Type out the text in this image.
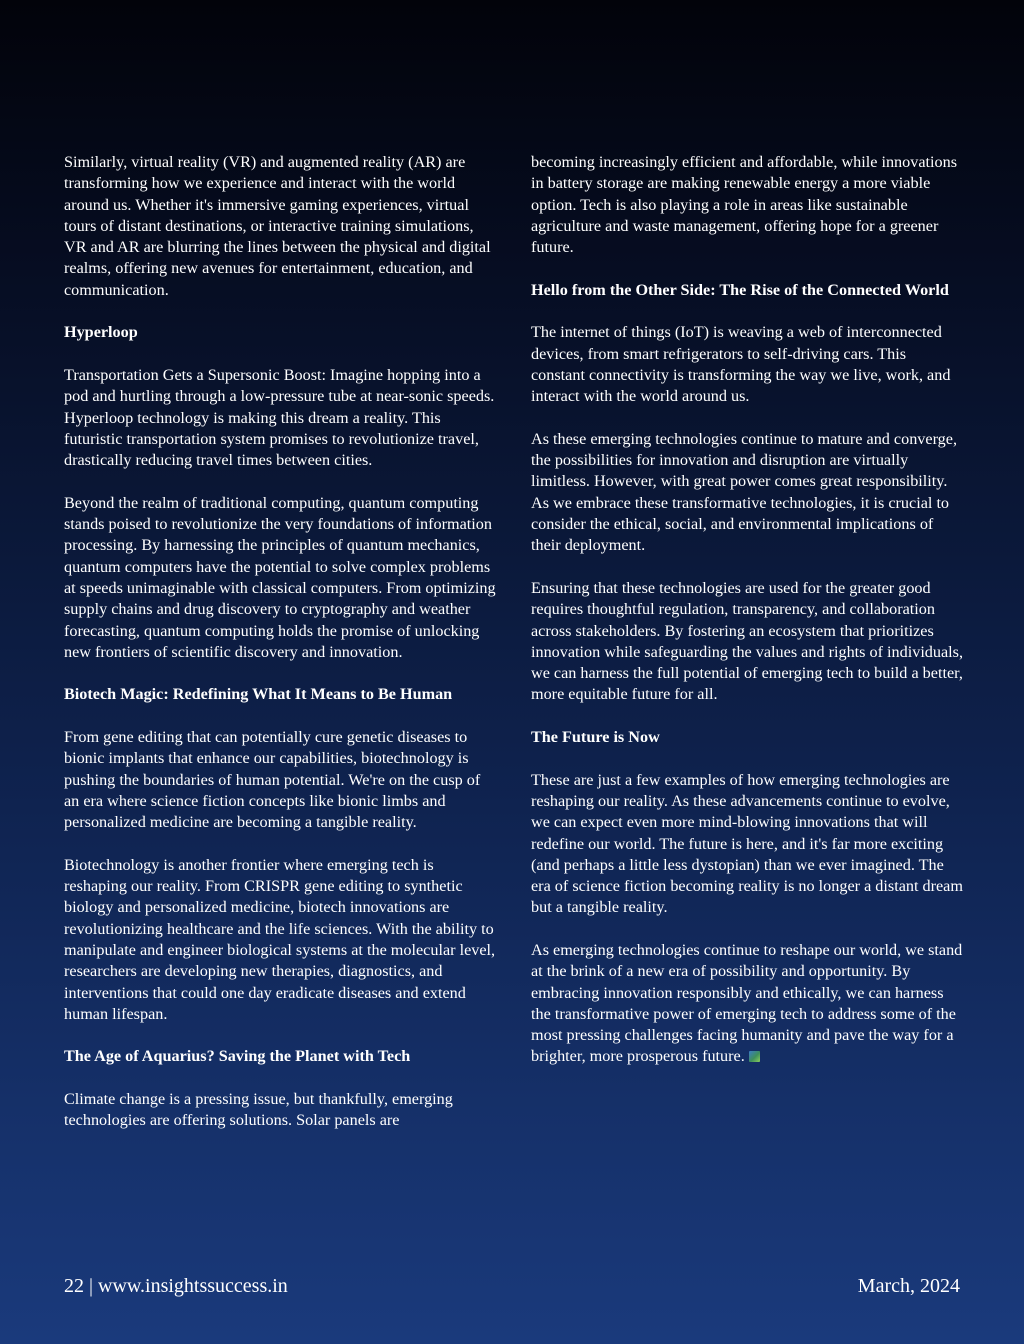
Similarly, virtual reality (VR) and augmented reality (AR) are transforming how we experience and interact with the world around us. Whether it's immersive gaming experiences, virtual tours of distant destinations, or interactive training simulations, VR and AR are blurring the lines between the physical and digital realms, offering new avenues for entertainment, education, and communication.

Hyperloop

Transportation Gets a Supersonic Boost: Imagine hopping into a pod and hurtling through a low-pressure tube at near-sonic speeds. Hyperloop technology is making this dream a reality. This futuristic transportation system promises to revolutionize travel, drastically reducing travel times between cities.

Beyond the realm of traditional computing, quantum computing stands poised to revolutionize the very foundations of information processing. By harnessing the principles of quantum mechanics, quantum computers have the potential to solve complex problems at speeds unimaginable with classical computers. From optimizing supply chains and drug discovery to cryptography and weather forecasting, quantum computing holds the promise of unlocking new frontiers of scientific discovery and innovation.

Biotech Magic: Redefining What It Means to Be Human

From gene editing that can potentially cure genetic diseases to bionic implants that enhance our capabilities, biotechnology is pushing the boundaries of human potential. We're on the cusp of an era where science fiction concepts like bionic limbs and personalized medicine are becoming a tangible reality.

Biotechnology is another frontier where emerging tech is reshaping our reality. From CRISPR gene editing to synthetic biology and personalized medicine, biotech innovations are revolutionizing healthcare and the life sciences. With the ability to manipulate and engineer biological systems at the molecular level, researchers are developing new therapies, diagnostics, and interventions that could one day eradicate diseases and extend human lifespan.

The Age of Aquarius? Saving the Planet with Tech

Climate change is a pressing issue, but thankfully, emerging technologies are offering solutions. Solar panels are

becoming increasingly efficient and affordable, while innovations in battery storage are making renewable energy a more viable option. Tech is also playing a role in areas like sustainable agriculture and waste management, offering hope for a greener future.

Hello from the Other Side: The Rise of the Connected World

The internet of things (IoT) is weaving a web of interconnected devices, from smart refrigerators to self-driving cars. This constant connectivity is transforming the way we live, work, and interact with the world around us.

As these emerging technologies continue to mature and converge, the possibilities for innovation and disruption are virtually limitless. However, with great power comes great responsibility. As we embrace these transformative technologies, it is crucial to consider the ethical, social, and environmental implications of their deployment.

Ensuring that these technologies are used for the greater good requires thoughtful regulation, transparency, and collaboration across stakeholders. By fostering an ecosystem that prioritizes innovation while safeguarding the values and rights of individuals, we can harness the full potential of emerging tech to build a better, more equitable future for all.

The Future is Now

These are just a few examples of how emerging technologies are reshaping our reality. As these advancements continue to evolve, we can expect even more mind-blowing innovations that will redefine our world. The future is here, and it's far more exciting (and perhaps a little less dystopian) than we ever imagined. The era of science fiction becoming reality is no longer a distant dream but a tangible reality.

As emerging technologies continue to reshape our world, we stand at the brink of a new era of possibility and opportunity. By embracing innovation responsibly and ethically, we can harness the transformative power of emerging tech to address some of the most pressing challenges facing humanity and pave the way for a brighter, more prosperous future.

22 | www.insightssuccess.in	March, 2024
